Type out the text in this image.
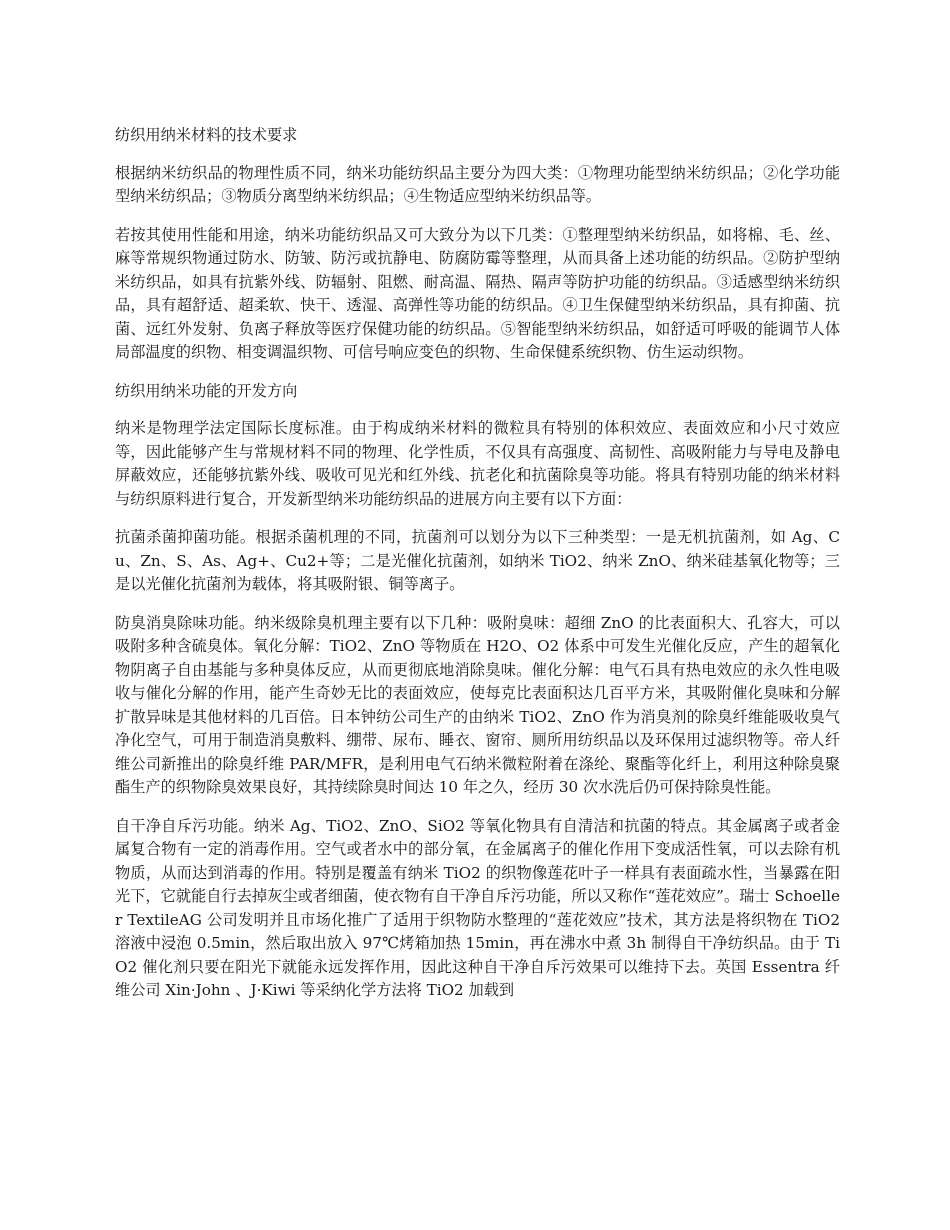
纺织用纳米材料的技术要求

根据纳米纺织品的物理性质不同，纳米功能纺织品主要分为四大类：①物理功能型纳米纺织品；②化学功能型纳米纺织品；③物质分离型纳米纺织品；④生物适应型纳米纺织品等。

若按其使用性能和用途，纳米功能纺织品又可大致分为以下几类：①整理型纳米纺织品，如将棉、毛、丝、麻等常规织物通过防水、防皱、防污或抗静电、防腐防霉等整理，从而具备上述功能的纺织品。②防护型纳米纺织品，如具有抗紫外线、防辐射、阻燃、耐高温、隔热、隔声等防护功能的纺织品。③适感型纳米纺织品，具有超舒适、超柔软、快干、透湿、高弹性等功能的纺织品。④卫生保健型纳米纺织品，具有抑菌、抗菌、远红外发射、负离子释放等医疗保健功能的纺织品。⑤智能型纳米纺织品，如舒适可呼吸的能调节人体局部温度的织物、相变调温织物、可信号响应变色的织物、生命保健系统织物、仿生运动织物。

纺织用纳米功能的开发方向

纳米是物理学法定国际长度标准。由于构成纳米材料的微粒具有特别的体积效应、表面效应和小尺寸效应等，因此能够产生与常规材料不同的物理、化学性质，不仅具有高强度、高韧性、高吸附能力与导电及静电屏蔽效应，还能够抗紫外线、吸收可见光和红外线、抗老化和抗菌除臭等功能。将具有特别功能的纳米材料与纺织原料进行复合，开发新型纳米功能纺织品的进展方向主要有以下方面：

抗菌杀菌抑菌功能。根据杀菌机理的不同，抗菌剂可以划分为以下三种类型：一是无机抗菌剂，如 Ag、Cu、Zn、S、As、Ag+、Cu2+等；二是光催化抗菌剂，如纳米 TiO2、纳米 ZnO、纳米硅基氧化物等；三是以光催化抗菌剂为载体，将其吸附银、铜等离子。

防臭消臭除味功能。纳米级除臭机理主要有以下几种：吸附臭味：超细 ZnO 的比表面积大、孔容大，可以吸附多种含硫臭体。氧化分解：TiO2、ZnO 等物质在 H2O、O2 体系中可发生光催化反应，产生的超氧化物阴离子自由基能与多种臭体反应，从而更彻底地消除臭味。催化分解：电气石具有热电效应的永久性电吸收与催化分解的作用，能产生奇妙无比的表面效应，使每克比表面积达几百平方米，其吸附催化臭味和分解扩散异味是其他材料的几百倍。日本钟纺公司生产的由纳米 TiO2、ZnO 作为消臭剂的除臭纤维能吸收臭气净化空气，可用于制造消臭敷料、绷带、尿布、睡衣、窗帘、厕所用纺织品以及环保用过滤织物等。帝人纤维公司新推出的除臭纤维 PAR/MFR，是利用电气石纳米微粒附着在涤纶、聚酯等化纤上，利用这种除臭聚酯生产的织物除臭效果良好，其持续除臭时间达 10 年之久，经历 30 次水洗后仍可保持除臭性能。

自干净自斥污功能。纳米 Ag、TiO2、ZnO、SiO2 等氧化物具有自清洁和抗菌的特点。其金属离子或者金属复合物有一定的消毒作用。空气或者水中的部分氧，在金属离子的催化作用下变成活性氧，可以去除有机物质，从而达到消毒的作用。特别是覆盖有纳米 TiO2 的织物像莲花叶子一样具有表面疏水性，当暴露在阳光下，它就能自行去掉灰尘或者细菌，使衣物有自干净自斥污功能，所以又称作“莲花效应”。瑞士 Schoeller TextileAG 公司发明并且市场化推广了适用于织物防水整理的“莲花效应”技术，其方法是将织物在 TiO2 溶液中浸泡 0.5min，然后取出放入 97℃烤箱加热 15min，再在沸水中煮 3h 制得自干净纺织品。由于 TiO2 催化剂只要在阳光下就能永远发挥作用，因此这种自干净自斥污效果可以维持下去。英国 Essentra 纤维公司 Xin·John 、J·Kiwi 等采纳化学方法将 TiO2 加载到
